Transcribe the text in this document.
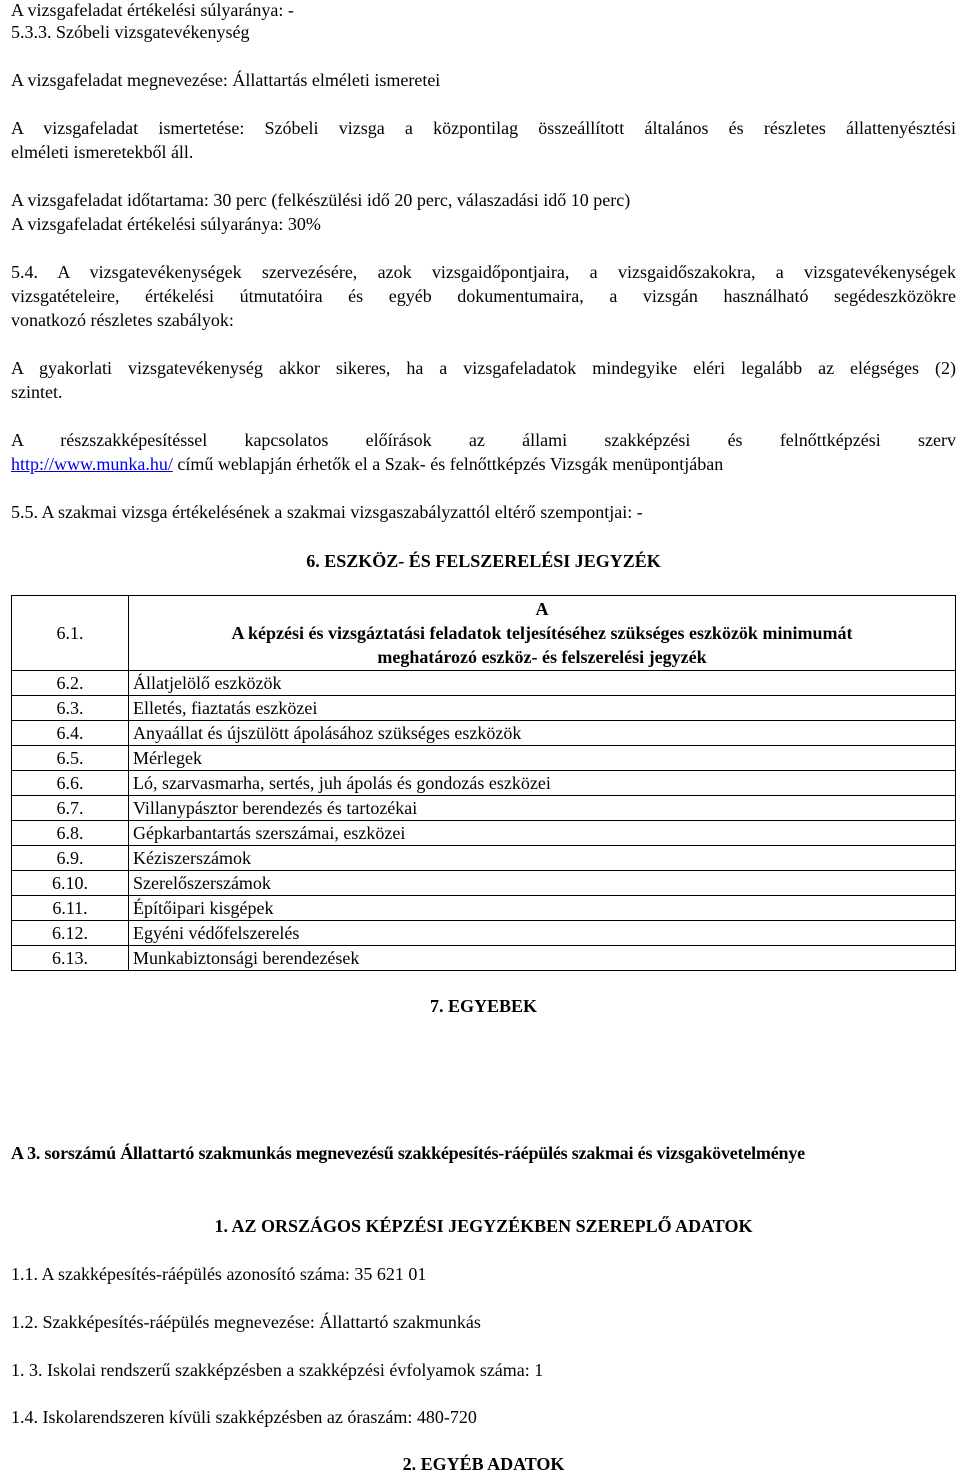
A vizsgafeladat értékelési súlyaránya: -
5.3.3. Szóbeli vizsgatevékenység
A vizsgafeladat megnevezése: Állattartás elméleti ismeretei
A vizsgafeladat ismertetése: Szóbeli vizsga a központilag összeállított általános és részletes állattenyésztési
elméleti ismeretekből áll.
A vizsgafeladat időtartama: 30 perc (felkészülési idő 20 perc, válaszadási idő 10 perc)
A vizsgafeladat értékelési súlyaránya: 30%
5.4. A vizsgatevékenységek szervezésére, azok vizsgaidőpontjaira, a vizsgaidőszakokra, a vizsgatevékenységek
vizsgatételeire, értékelési útmutatóira és egyéb dokumentumaira, a vizsgán használható segédeszközökre
vonatkozó részletes szabályok:
A gyakorlati vizsgatevékenység akkor sikeres, ha a vizsgafeladatok mindegyike eléri legalább az elégséges (2)
szintet.
A részszakképesítéssel kapcsolatos előírások az állami szakképzési és felnőttképzési szerv
http://www.munka.hu/ című weblapján érhetők el a Szak- és felnőttképzés Vizsgák menüpontjában
5.5. A szakmai vizsga értékelésének a szakmai vizsgaszabályzattól eltérő szempontjai: -
6. ESZKÖZ- ÉS FELSZERELÉSI JEGYZÉK
6.1.	A
A képzési és vizsgáztatási feladatok teljesítéséhez szükséges eszközök minimumát
meghatározó eszköz- és felszerelési jegyzék

6.2.	Állatjelölő eszközök
6.3.	Elletés, fiaztatás eszközei
6.4.	Anyaállat és újszülött ápolásához szükséges eszközök
6.5.	Mérlegek
6.6.	Ló, szarvasmarha, sertés, juh ápolás és gondozás eszközei
6.7.	Villanypásztor berendezés és tartozékai
6.8.	Gépkarbantartás szerszámai, eszközei
6.9.	Kéziszerszámok
6.10.	Szerelőszerszámok
6.11.	Építőipari kisgépek
6.12.	Egyéni védőfelszerelés
6.13.	Munkabiztonsági berendezések
7. EGYEBEK
A 3. sorszámú Állattartó szakmunkás megnevezésű szakképesítés-ráépülés szakmai és vizsgakövetelménye
1. AZ ORSZÁGOS KÉPZÉSI JEGYZÉKBEN SZEREPLŐ ADATOK
1.1. A szakképesítés-ráépülés azonosító száma: 35 621 01
1.2. Szakképesítés-ráépülés megnevezése: Állattartó szakmunkás
1. 3. Iskolai rendszerű szakképzésben a szakképzési évfolyamok száma: 1
1.4. Iskolarendszeren kívüli szakképzésben az óraszám: 480-720
2. EGYÉB ADATOK
